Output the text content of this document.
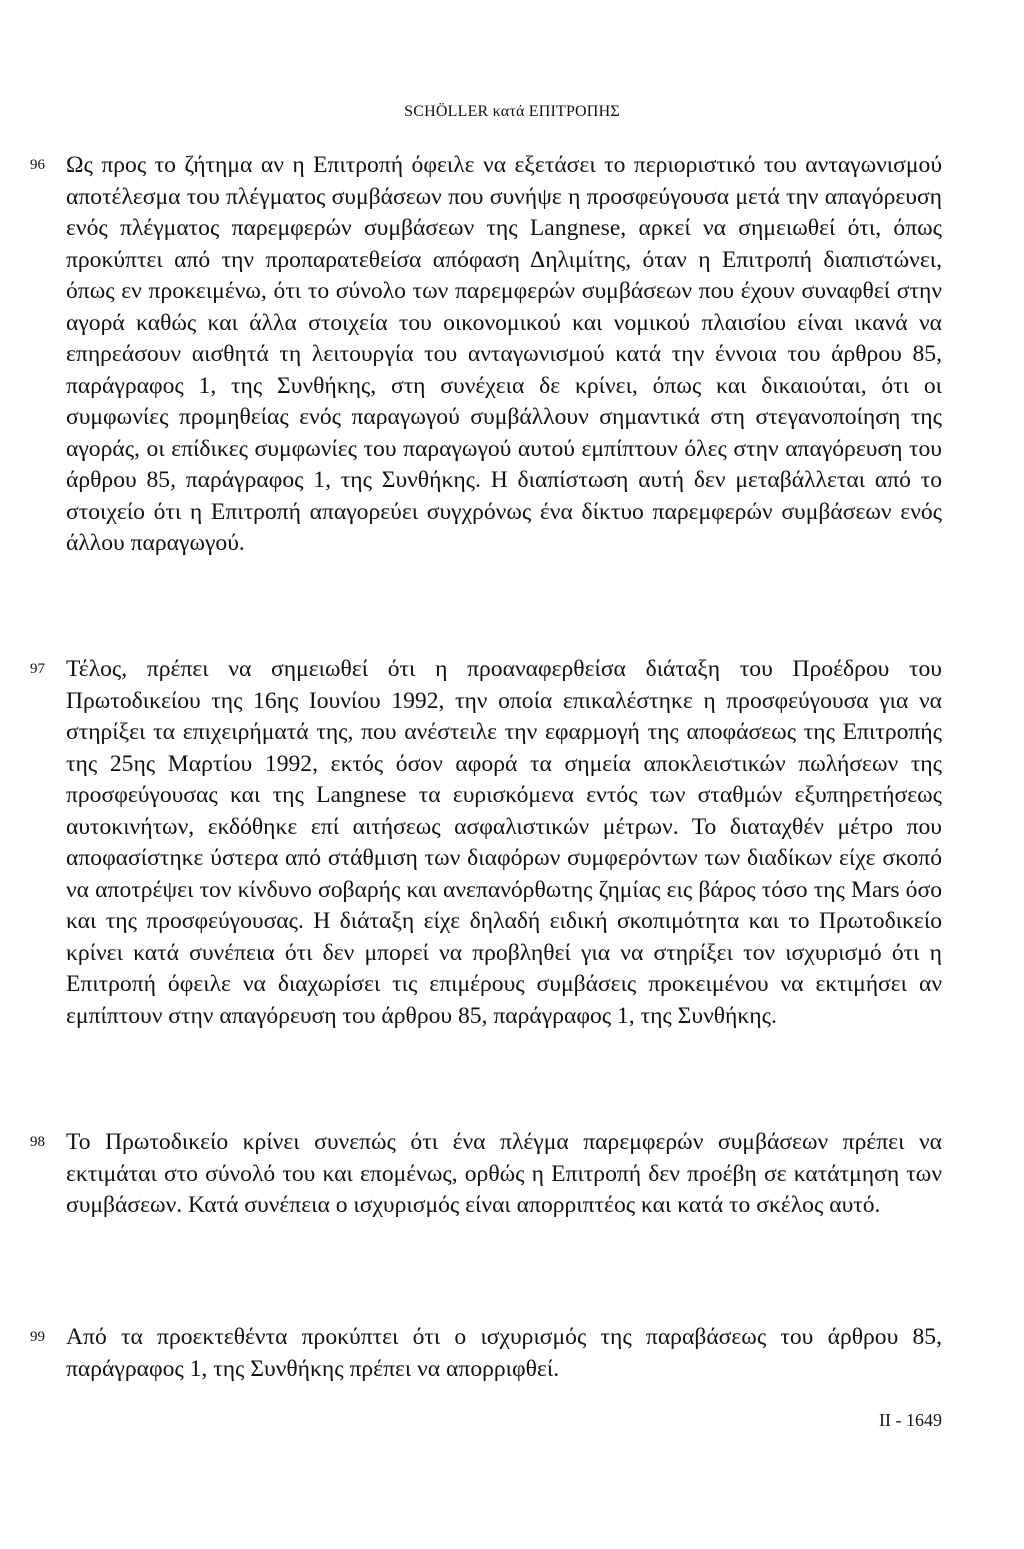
SCHÖLLER κατά ΕΠΙΤΡΟΠΗΣ
96 Ως προς το ζήτημα αν η Επιτροπή όφειλε να εξετάσει το περιοριστικό του ανταγωνισμού αποτέλεσμα του πλέγματος συμβάσεων που συνήψε η προσφεύγουσα μετά την απαγόρευση ενός πλέγματος παρεμφερών συμβάσεων της Langnese, αρκεί να σημειωθεί ότι, όπως προκύπτει από την προπαρατεθείσα απόφαση Δηλιμίτης, όταν η Επιτροπή διαπιστώνει, όπως εν προκειμένω, ότι το σύνολο των παρεμφερών συμβάσεων που έχουν συναφθεί στην αγορά καθώς και άλλα στοιχεία του οικονομικού και νομικού πλαισίου είναι ικανά να επηρεάσουν αισθητά τη λειτουργία του ανταγωνισμού κατά την έννοια του άρθρου 85, παράγραφος 1, της Συνθήκης, στη συνέχεια δε κρίνει, όπως και δικαιούται, ότι οι συμφωνίες προμηθείας ενός παραγωγού συμβάλλουν σημαντικά στη στεγανοποίηση της αγοράς, οι επίδικες συμφωνίες του παραγωγού αυτού εμπίπτουν όλες στην απαγόρευση του άρθρου 85, παράγραφος 1, της Συνθήκης. Η διαπίστωση αυτή δεν μεταβάλλεται από το στοιχείο ότι η Επιτροπή απαγορεύει συγχρόνως ένα δίκτυο παρεμφερών συμβάσεων ενός άλλου παραγωγού.

97 Τέλος, πρέπει να σημειωθεί ότι η προαναφερθείσα διάταξη του Προέδρου του Πρωτοδικείου της 16ης Ιουνίου 1992, την οποία επικαλέστηκε η προσφεύγουσα για να στηρίξει τα επιχειρήματά της, που ανέστειλε την εφαρμογή της αποφάσεως της Επιτροπής της 25ης Μαρτίου 1992, εκτός όσον αφορά τα σημεία αποκλειστικών πωλήσεων της προσφεύγουσας και της Langnese τα ευρισκόμενα εντός των σταθμών εξυπηρετήσεως αυτοκινήτων, εκδόθηκε επί αιτήσεως ασφαλιστικών μέτρων. Το διαταχθέν μέτρο που αποφασίστηκε ύστερα από στάθμιση των διαφόρων συμφερόντων των διαδίκων είχε σκοπό να αποτρέψει τον κίνδυνο σοβαρής και ανεπανόρθωτης ζημίας εις βάρος τόσο της Mars όσο και της προσφεύγουσας. Η διάταξη είχε δηλαδή ειδική σκοπιμότητα και το Πρωτοδικείο κρίνει κατά συνέπεια ότι δεν μπορεί να προβληθεί για να στηρίξει τον ισχυρισμό ότι η Επιτροπή όφειλε να διαχωρίσει τις επιμέρους συμβάσεις προκειμένου να εκτιμήσει αν εμπίπτουν στην απαγόρευση του άρθρου 85, παράγραφος 1, της Συνθήκης.

98 Το Πρωτοδικείο κρίνει συνεπώς ότι ένα πλέγμα παρεμφερών συμβάσεων πρέπει να εκτιμάται στο σύνολό του και επομένως, ορθώς η Επιτροπή δεν προέβη σε κατάτμηση των συμβάσεων. Κατά συνέπεια ο ισχυρισμός είναι απορριπτέος και κατά το σκέλος αυτό.

99 Από τα προεκτεθέντα προκύπτει ότι ο ισχυρισμός της παραβάσεως του άρθρου 85, παράγραφος 1, της Συνθήκης πρέπει να απορριφθεί.

II - 1649
